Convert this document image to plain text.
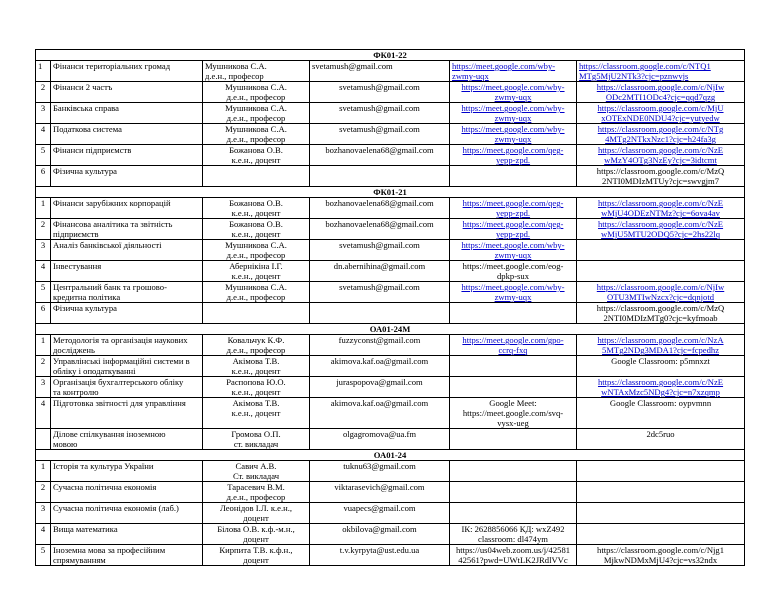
ФК01-22					
1	Фінанси територіальних громад	Мушникова С.А.
д.е.н., професор	svetamush@gmail.com	https://meet.google.com/wby-
zwmy-uqx	https://classroom.google.com/c/NTQ1
MTg5MjU2NTk3?cjc=pznwvjs

2	Фінанси 2 частъ	Мушникова С.А.
д.е.н., професор	svetamush@gmail.com	https://meet.google.com/wby-
zwmy-uqx	https://classroom.google.com/c/NjIw
ODc2MTI1ODc4?cjc=qqd7qzg

3	Банківська справа	Мушникова С.А.
д.е.н., професор	svetamush@gmail.com	https://meet.google.com/wby-
zwmy-uqx	https://classroom.google.com/c/MjU
xOTExNDE0NDU4?cjc=yutyedw

4	Податкова система	Мушникова С.А.
д.е.н., професор	svetamush@gmail.com	https://meet.google.com/wby-
zwmy-uqx	https://classroom.google.com/c/NTg
4MTg2NTkxNzc1?cjc=h24fa3g

5	Фінанси підприємств	Божанова О.В.
к.е.н., доцент	bozhanovaelena68@gmail.com	https://meet.google.com/qeg-
yepp-zpd.	https://classroom.google.com/c/NzE
wMzY4OTg3NzEy?cjc=3idtcmt

6	Фізична культура				https://classroom.google.com/c/MzQ
2NTI0MDIzMTUy?cjc=swvgjm7

ФК01-21					
1	Фінанси зарубіжних корпорацій	Божанова О.В.
к.е.н., доцент	bozhanovaelena68@gmail.com	https://meet.google.com/qeg-
yepp-zpd.	https://classroom.google.com/c/NzE
wMjU4ODEzNTMz?cjc=6ova4av

2	Фінансова аналітика та звітність
підприємств	Божанова О.В.
к.е.н., доцент	bozhanovaelena68@gmail.com	https://meet.google.com/qeg-
yepp-zpd.	https://classroom.google.com/c/NzE
wMjU5MTU2ODQ5?cjc=2hs22lq

3	Аналіз банківської діяльності	Мушникова С.А.
д.е.н., професор	svetamush@gmail.com	https://meet.google.com/wby-
zwmy-uqx	

4	Інвестування	Абернікіна І.Г.
к.е.н., доцент	dn.abernihina@gmail.com	https://meet.google.com/eog-
dpkp-sux	

5	Центральний банк та грошово-
кредитна політика	Мушникова С.А.
д.е.н., професор	svetamush@gmail.com	https://meet.google.com/wby-
zwmy-uqx	https://classroom.google.com/c/NjIw
OTU3MTIwNzcx?cjc=dqnjotd

6	Фізична культура				https://classroom.google.com/c/MzQ
2NTI0MDIzMTg0?cjc=kyfmoab

ОА01-24М					
1	Методологія та організація наукових
досліджень	Ковальчук К.Ф.
д.е.н., професор	fuzzyconst@gmail.com	https://meet.google.com/gpo-
ccrq-fxq	https://classroom.google.com/c/NzA
5MTg2NDg3MDA1?cjc=fcpedhz

2	Управлінські інформаційні системи в
обліку і оподаткуванні	Акімова Т.В.
к.е.н., доцент	akimova.kaf.oa@gmail.com		Google Classroom: p5mnxzt

3	Організація бухгалтерського обліку
та контролю	Распопова Ю.О.
к.е.н., доцент	juraspopova@gmail.com		https://classroom.google.com/c/NzE
wNTAxMzc5NDg4?cjc=n7xzqmp

4	Підготовка звітності для управління	Акімова Т.В.
к.е.н., доцент	akimova.kaf.oa@gmail.com	Google Meet:
https://meet.google.com/svq-
vysx-ueg	Google Classroom: oypvmnn

	Ділове спілкування іноземною
мовою	Громова О.П.
ст. викладач	olgagromova@ua.fm		2dc5ruo

ОА01-24					
1	Історія та культура України	Савич А.В.
Ст. викладач	tuknu63@gmail.com		

2	Сучасна політична економія	Тарасевич В.М.
д.е.н., професор	viktarasevich@gmail.com		

3	Сучасна політична економія (лаб.)	Леонідов І.Л. к.е.н.,
доцент	vuapecs@gmail.com		

4	Вища математика	Білова О.В. к.ф.-м.н.,
доцент	okbilova@gmail.com	ІК: 2628856066 КД: wxZ492
classroom: dl474ym	

5	Іноземна мова за професійним
спрямуванням	Кирпита Т.В. к.ф.н.,
доцент	t.v.kyrpyta@ust.edu.ua	https://us04web.zoom.us/j/42581
42561?pwd=UWtLK2JRdlVVc	https://classroom.google.com/c/Njg1
MjkwNDMxMjU4?cjc=vs32ndx
